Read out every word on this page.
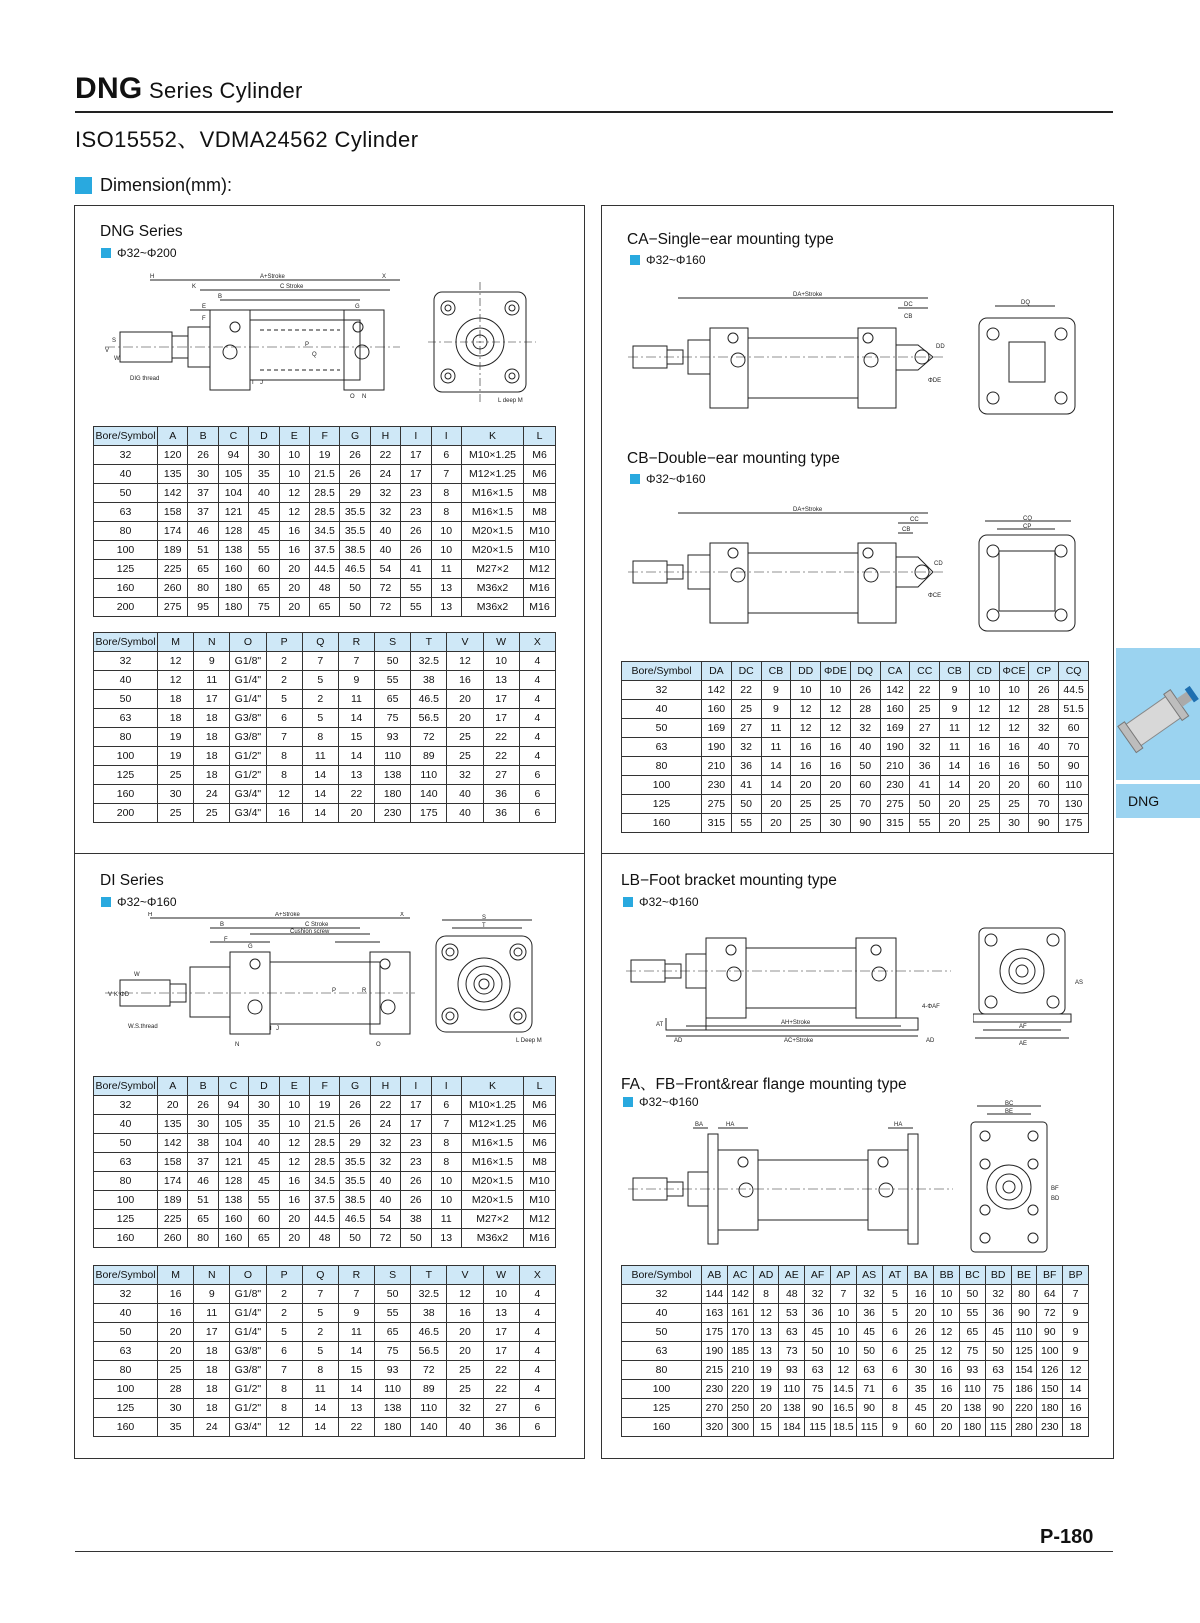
DNG Series Cylinder
ISO15552、VDMA24562 Cylinder
Dimension(mm):
DNG Series
Φ32~Φ200
H	A+Stroke	X
C Stroke
K
B
E	G
S
V
W
F
P
Q
I J
O N
DIG thread
L deep M
Bore/Symbol	A	B	C	D	E	F	G	H	I	I	K	L
32	120	26	94	30	10	19	26	22	17	6	M10×1.25	M6
40	135	30	105	35	10	21.5	26	24	17	7	M12×1.25	M6
50	142	37	104	40	12	28.5	29	32	23	8	M16×1.5	M8
63	158	37	121	45	12	28.5	35.5	32	23	8	M16×1.5	M8
80	174	46	128	45	16	34.5	35.5	40	26	10	M20×1.5	M10
100	189	51	138	55	16	37.5	38.5	40	26	10	M20×1.5	M10
125	225	65	160	60	20	44.5	46.5	54	41	11	M27×2	M12
160	260	80	180	65	20	48	50	72	55	13	M36x2	M16
200	275	95	180	75	20	65	50	72	55	13	M36x2	M16
Bore/Symbol	M	N	O	P	Q	R	S	T	V	W	X
32	12	9	G1/8"	2	7	7	50	32.5	12	10	4
40	12	11	G1/4"	2	5	9	55	38	16	13	4
50	18	17	G1/4"	5	2	11	65	46.5	20	17	4
63	18	18	G3/8"	6	5	14	75	56.5	20	17	4
80	19	18	G3/8"	7	8	15	93	72	25	22	4
100	19	18	G1/2"	8	11	14	110	89	25	22	4
125	25	18	G1/2"	8	14	13	138	110	32	27	6
160	30	24	G3/4"	12	14	22	180	140	40	36	6
200	25	25	G3/4"	16	14	20	230	175	40	36	6
CA−Single−ear mounting type
Φ32~Φ160
DA+Stroke
DC
CB
DD
ΦDE
DQ
CB−Double−ear mounting type
Φ32~Φ160
DA+Stroke
CC
CB
CD
ΦCE
CQ
CP
Bore/Symbol	DA	DC	CB	DD	ΦDE	DQ	CA	CC	CB	CD	ΦCE	CP	CQ
32	142	22	9	10	10	26	142	22	9	10	10	26	44.5
40	160	25	9	12	12	28	160	25	9	12	12	28	51.5
50	169	27	11	12	12	32	169	27	11	12	12	32	60
63	190	32	11	16	16	40	190	32	11	16	16	40	70
80	210	36	14	16	16	50	210	36	14	16	16	50	90
100	230	41	14	20	20	60	230	41	14	20	20	60	110
125	275	50	20	25	25	70	275	50	20	25	25	70	130
160	315	55	20	25	30	90	315	55	20	25	30	90	175
DI Series
Φ32~Φ160
H	A+Stroke	X
B	C Stroke
Cushion screw
F
G
W
V K ΦD
P	R
I J
N	O
W.S.thread
S
T
L Deep M
Bore/Symbol	A	B	C	D	E	F	G	H	I	I	K	L
32	20	26	94	30	10	19	26	22	17	6	M10×1.25	M6
40	135	30	105	35	10	21.5	26	24	17	7	M12×1.25	M6
50	142	38	104	40	12	28.5	29	32	23	8	M16×1.5	M6
63	158	37	121	45	12	28.5	35.5	32	23	8	M16×1.5	M8
80	174	46	128	45	16	34.5	35.5	40	26	10	M20×1.5	M10
100	189	51	138	55	16	37.5	38.5	40	26	10	M20×1.5	M10
125	225	65	160	60	20	44.5	46.5	54	38	11	M27×2	M12
160	260	80	160	65	20	48	50	72	50	13	M36x2	M16
Bore/Symbol	M	N	O	P	Q	R	S	T	V	W	X
32	16	9	G1/8"	2	7	7	50	32.5	12	10	4
40	16	11	G1/4"	2	5	9	55	38	16	13	4
50	20	17	G1/4"	5	2	11	65	46.5	20	17	4
63	20	18	G3/8"	6	5	14	75	56.5	20	17	4
80	25	18	G3/8"	7	8	15	93	72	25	22	4
100	28	18	G1/2"	8	11	14	110	89	25	22	4
125	30	18	G1/2"	8	14	13	138	110	32	27	6
160	35	24	G3/4"	12	14	22	180	140	40	36	6
LB−Foot bracket mounting type
Φ32~Φ160
AH+Stroke
AC+Stroke
AD	AD
4-ΦAF
AT
AS
AE
AF
FA、FB−Front&rear flange mounting type
Φ32~Φ160
BA	HA	HA
BC
BE
BF
BD
Bore/Symbol	AB	AC	AD	AE	AF	AP	AS	AT	BA	BB	BC	BD	BE	BF	BP
32	144	142	8	48	32	7	32	5	16	10	50	32	80	64	7
40	163	161	12	53	36	10	36	5	20	10	55	36	90	72	9
50	175	170	13	63	45	10	45	6	26	12	65	45	110	90	9
63	190	185	13	73	50	10	50	6	25	12	75	50	125	100	9
80	215	210	19	93	63	12	63	6	30	16	93	63	154	126	12
100	230	220	19	110	75	14.5	71	6	35	16	110	75	186	150	14
125	270	250	20	138	90	16.5	90	8	45	20	138	90	220	180	16
160	320	300	15	184	115	18.5	115	9	60	20	180	115	280	230	18
DNG
P-180
